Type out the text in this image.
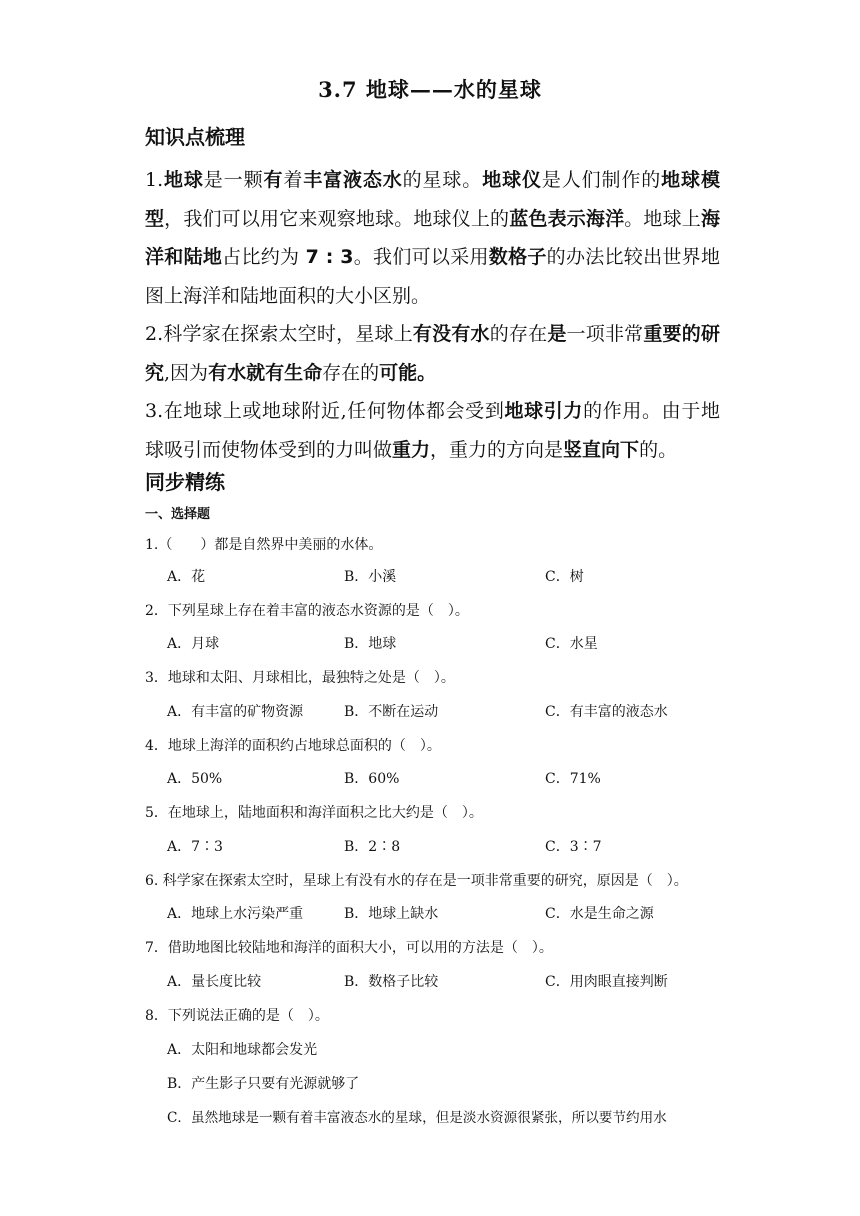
3.7 地球——水的星球
知识点梳理
1.地球是一颗有着丰富液态水的星球。地球仪是人们制作的地球模型，我们可以用它来观察地球。地球仪上的蓝色表示海洋。地球上海洋和陆地占比约为 7 : 3。我们可以采用数格子的办法比较出世界地图上海洋和陆地面积的大小区别。
2.科学家在探索太空时，星球上有没有水的存在是一项非常重要的研究,因为有水就有生命存在的可能。
3.在地球上或地球附近,任何物体都会受到地球引力的作用。由于地球吸引而使物体受到的力叫做重力，重力的方向是竖直向下的。
同步精练
一、选择题
1.（　　）都是自然界中美丽的水体。
A．花	B．小溪	C．树
2．下列星球上存在着丰富的液态水资源的是（　）。
A．月球	B．地球	C．水星
3．地球和太阳、月球相比，最独特之处是（　）。
A．有丰富的矿物资源	B．不断在运动	C．有丰富的液态水
4．地球上海洋的面积约占地球总面积的（　）。
A．50%	B．60%	C．71%
5．在地球上，陆地面积和海洋面积之比大约是（　）。
A．7∶3	B．2∶8	C．3∶7
6. 科学家在探索太空时，星球上有没有水的存在是一项非常重要的研究，原因是（　）。
A．地球上水污染严重	B．地球上缺水	C．水是生命之源
7．借助地图比较陆地和海洋的面积大小，可以用的方法是（　）。
A．量长度比较	B．数格子比较	C．用肉眼直接判断
8．下列说法正确的是（　）。
A．太阳和地球都会发光
B．产生影子只要有光源就够了
C．虽然地球是一颗有着丰富液态水的星球，但是淡水资源很紧张，所以要节约用水
